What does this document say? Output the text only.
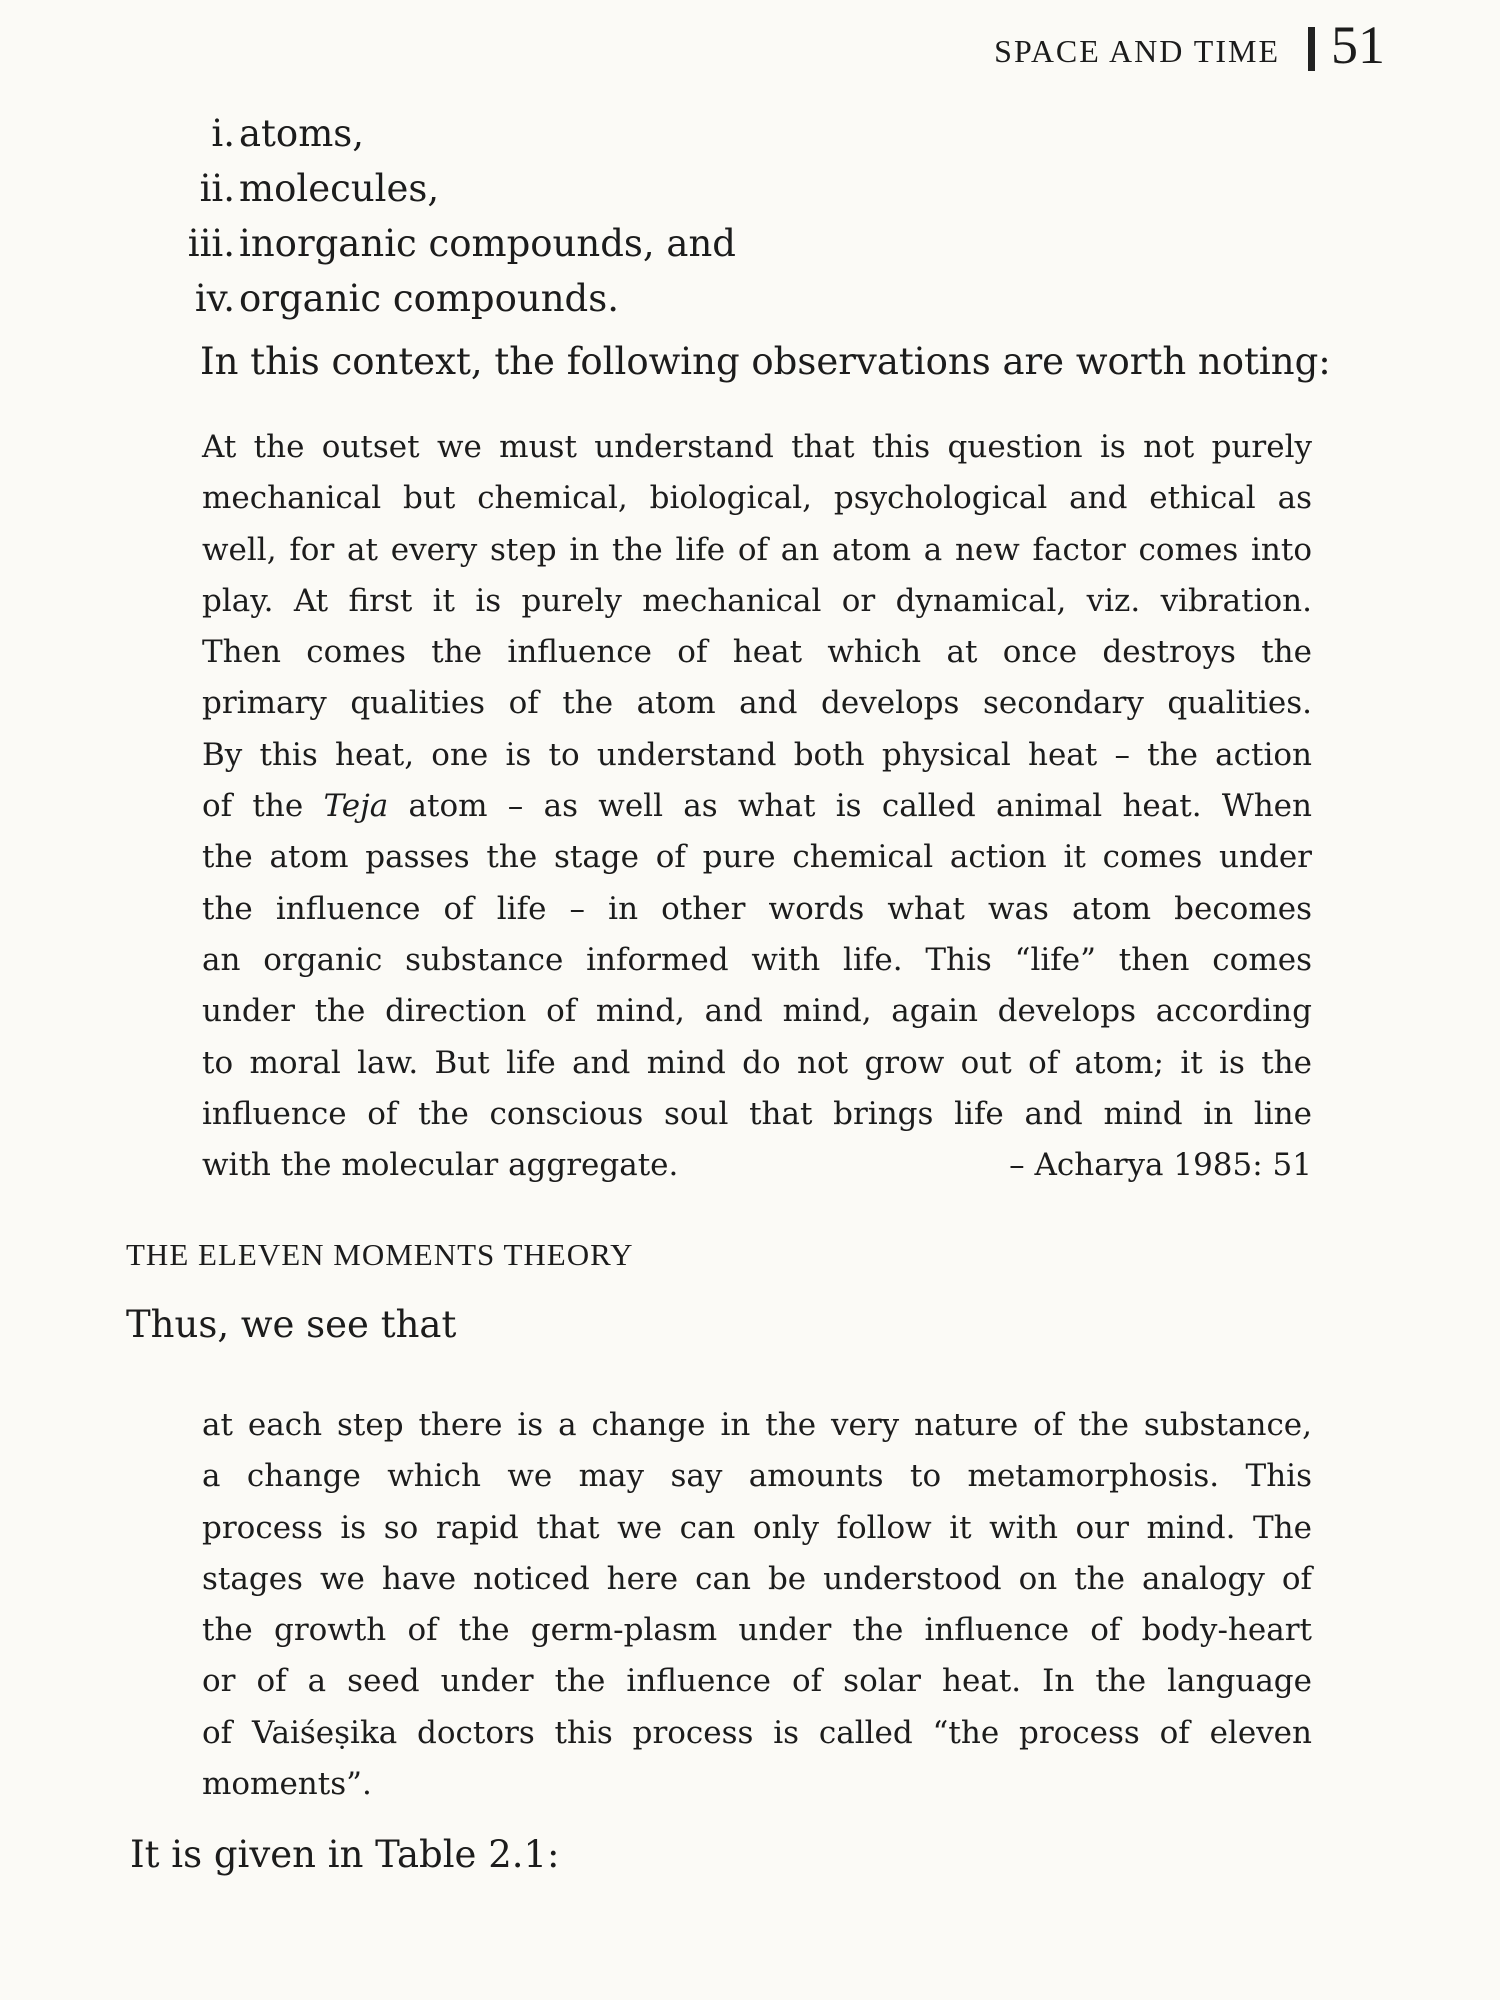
SPACE AND TIME 51
i. atoms,
ii. molecules,
iii. inorganic compounds, and
iv. organic compounds.

In this context, the following observations are worth noting:

At the outset we must understand that this question is not purely
mechanical but chemical, biological, psychological and ethical as
well, for at every step in the life of an atom a new factor comes into
play. At first it is purely mechanical or dynamical, viz. vibration.
Then comes the influence of heat which at once destroys the
primary qualities of the atom and develops secondary qualities.
By this heat, one is to understand both physical heat – the action
of the Teja atom – as well as what is called animal heat. When
the atom passes the stage of pure chemical action it comes under
the influence of life – in other words what was atom becomes
an organic substance informed with life. This “life” then comes
under the direction of mind, and mind, again develops according
to moral law. But life and mind do not grow out of atom; it is the
influence of the conscious soul that brings life and mind in line
with the molecular aggregate.	– Acharya 1985: 51
THE ELEVEN MOMENTS THEORY

Thus, we see that

at each step there is a change in the very nature of the substance,
a change which we may say amounts to metamorphosis. This
process is so rapid that we can only follow it with our mind. The
stages we have noticed here can be understood on the analogy of
the growth of the germ-plasm under the influence of body-heart
or of a seed under the influence of solar heat. In the language
of Vaiśeṣika doctors this process is called “the process of eleven
moments”.

It is given in Table 2.1:
